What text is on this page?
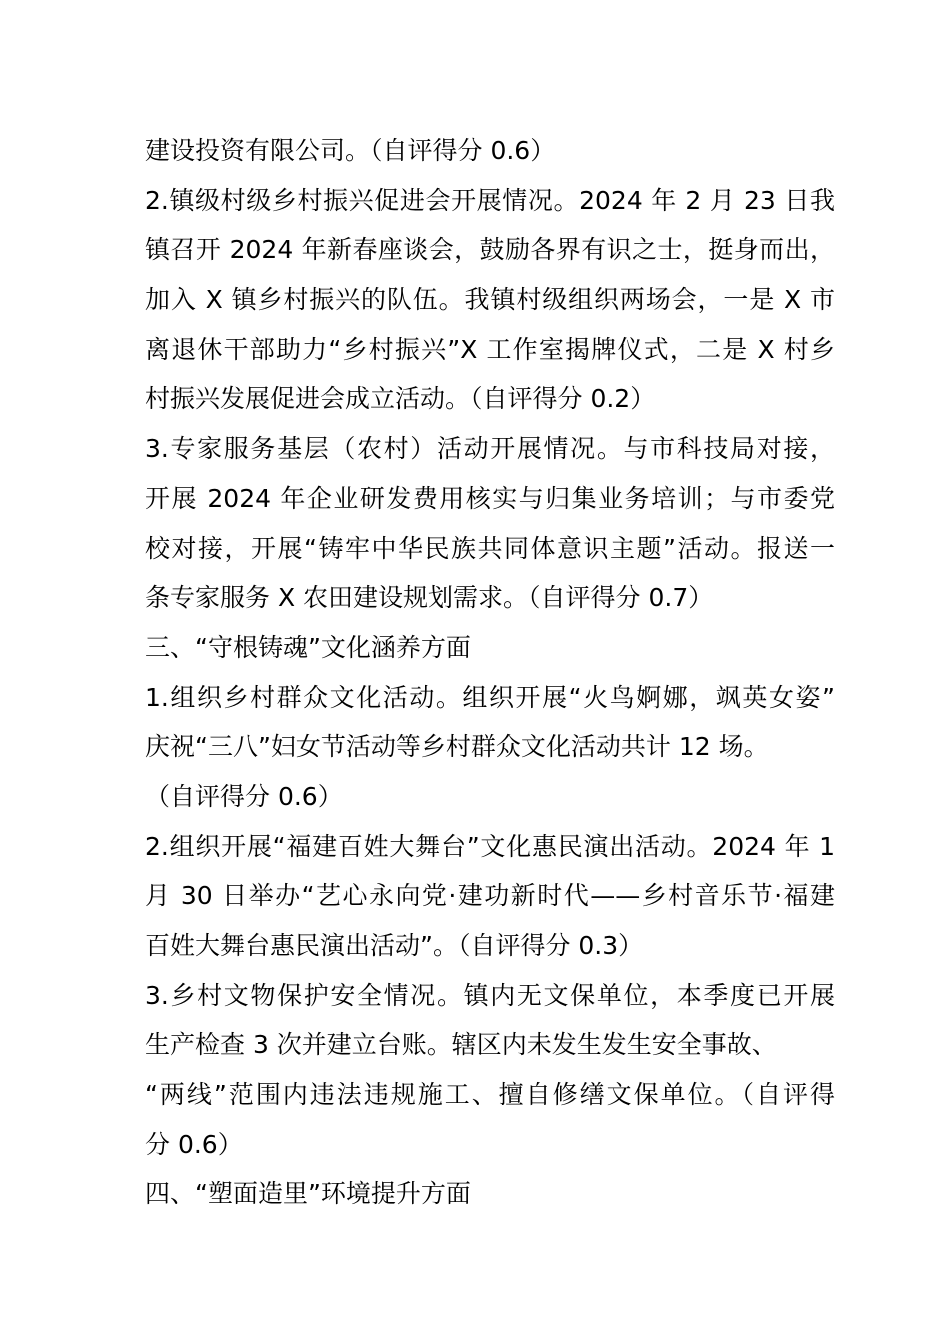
建设投资有限公司。（自评得分 0.6）
2.镇级村级乡村振兴促进会开展情况。2024 年 2 月 23 日我
镇召开 2024 年新春座谈会，鼓励各界有识之士，挺身而出，
加入 X 镇乡村振兴的队伍。我镇村级组织两场会，一是 X 市
离退休干部助力“乡村振兴”X 工作室揭牌仪式，二是 X 村乡
村振兴发展促进会成立活动。（自评得分 0.2）
3.专家服务基层（农村）活动开展情况。与市科技局对接，
开展 2024 年企业研发费用核实与归集业务培训；与市委党
校对接，开展“铸牢中华民族共同体意识主题”活动。报送一
条专家服务 X 农田建设规划需求。（自评得分 0.7）
三、“守根铸魂”文化涵养方面
1.组织乡村群众文化活动。组织开展“火鸟婀娜，飒英女姿”
庆祝“三八”妇女节活动等乡村群众文化活动共计 12 场。
（自评得分 0.6）
2.组织开展“福建百姓大舞台”文化惠民演出活动。2024 年 1
月 30 日举办“艺心永向党·建功新时代——乡村音乐节·福建
百姓大舞台惠民演出活动”。（自评得分 0.3）
3.乡村文物保护安全情况。镇内无文保单位，本季度已开展
生产检查 3 次并建立台账。辖区内未发生发生安全事故、
“两线”范围内违法违规施工、擅自修缮文保单位。（自评得
分 0.6）
四、“塑面造里”环境提升方面
